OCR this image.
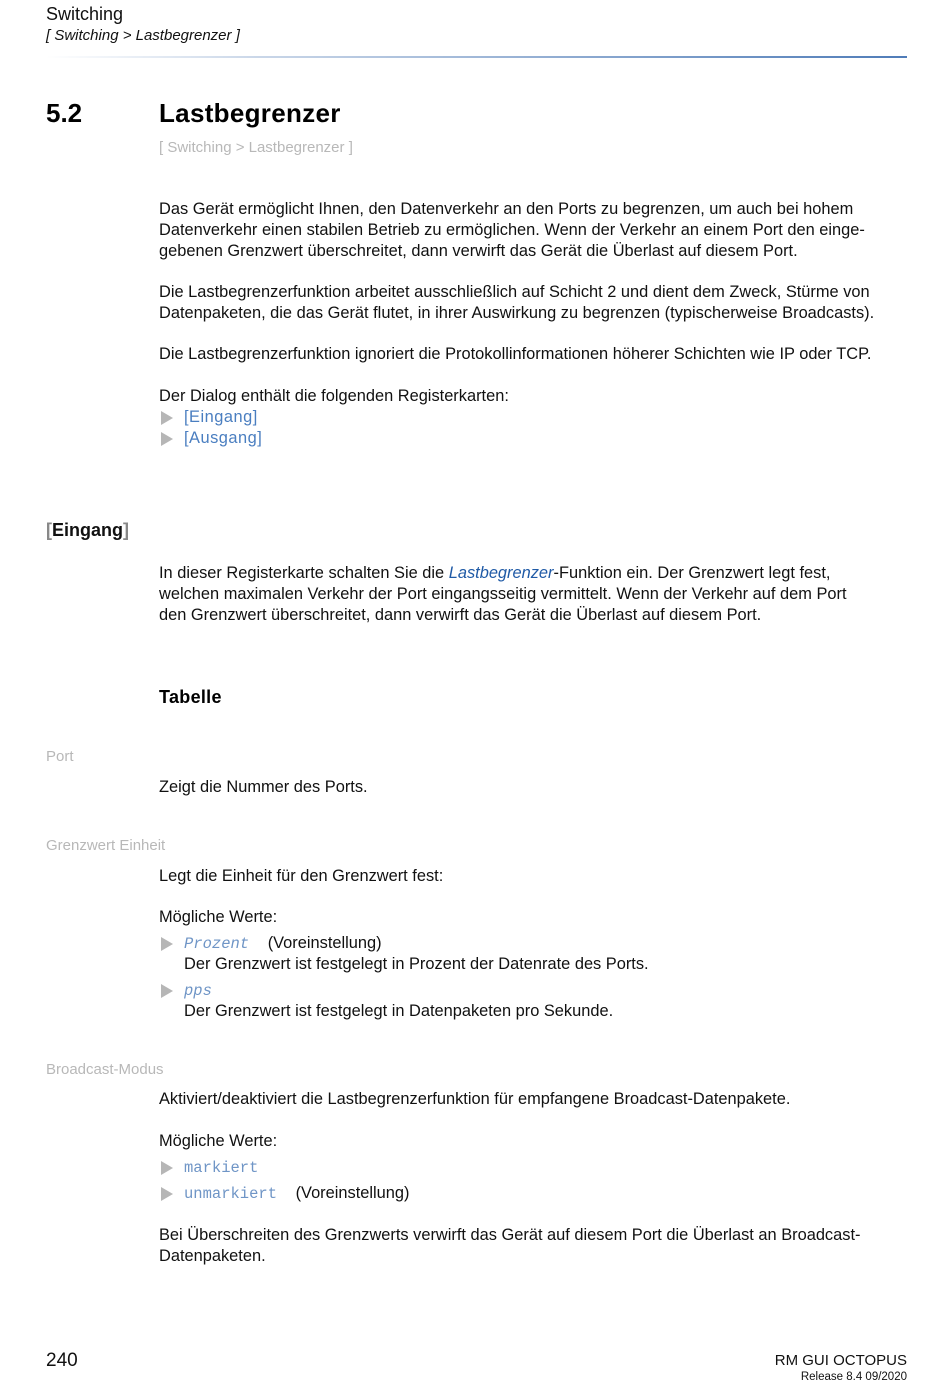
Switching
[ Switching > Lastbegrenzer ]
5.2	Lastbegrenzer
[ Switching > Lastbegrenzer ]
Das Gerät ermöglicht Ihnen, den Datenverkehr an den Ports zu begrenzen, um auch bei hohem
Datenverkehr einen stabilen Betrieb zu ermöglichen. Wenn der Verkehr an einem Port den einge-
gebenen Grenzwert überschreitet, dann verwirft das Gerät die Überlast auf diesem Port.
Die Lastbegrenzerfunktion arbeitet ausschließlich auf Schicht 2 und dient dem Zweck, Stürme von
Datenpaketen, die das Gerät flutet, in ihrer Auswirkung zu begrenzen (typischerweise Broadcasts).
Die Lastbegrenzerfunktion ignoriert die Protokollinformationen höherer Schichten wie IP oder TCP.
Der Dialog enthält die folgenden Registerkarten:
[Eingang]
[Ausgang]
[Eingang]
In dieser Registerkarte schalten Sie die Lastbegrenzer-Funktion ein. Der Grenzwert legt fest,
welchen maximalen Verkehr der Port eingangsseitig vermittelt. Wenn der Verkehr auf dem Port
den Grenzwert überschreitet, dann verwirft das Gerät die Überlast auf diesem Port.
Tabelle
Port
Zeigt die Nummer des Ports.
Grenzwert Einheit
Legt die Einheit für den Grenzwert fest:
Mögliche Werte:
Prozent (Voreinstellung)
Der Grenzwert ist festgelegt in Prozent der Datenrate des Ports.
pps
Der Grenzwert ist festgelegt in Datenpaketen pro Sekunde.
Broadcast-Modus
Aktiviert/deaktiviert die Lastbegrenzerfunktion für empfangene Broadcast-Datenpakete.
Mögliche Werte:
markiert
unmarkiert (Voreinstellung)
Bei Überschreiten des Grenzwerts verwirft das Gerät auf diesem Port die Überlast an Broadcast-
Datenpaketen.
240	RM GUI OCTOPUS
Release 8.4 09/2020
